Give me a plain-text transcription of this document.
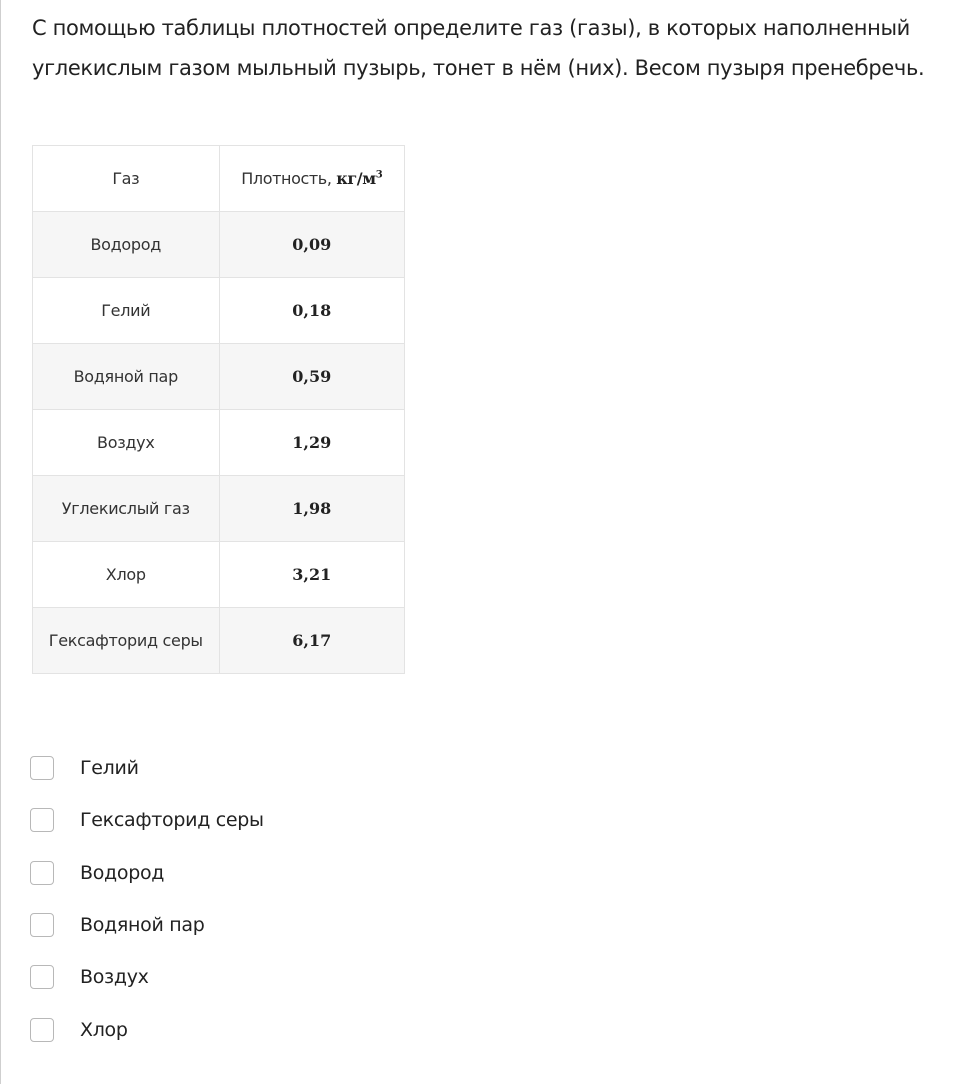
С помощью таблицы плотностей определите газ (газы), в которых наполненный углекислым газом мыльный пузырь, тонет в нём (них). Весом пузыря пренебречь.
Газ	Плотность, $кг/м^3$
Водород	0,09
Гелий	0,18
Водяной пар	0,59
Воздух	1,29
Углекислый газ	1,98
Хлор	3,21
Гексафторид серы	6,17
Гелий
Гексафторид серы
Водород
Водяной пар
Воздух
Хлор
